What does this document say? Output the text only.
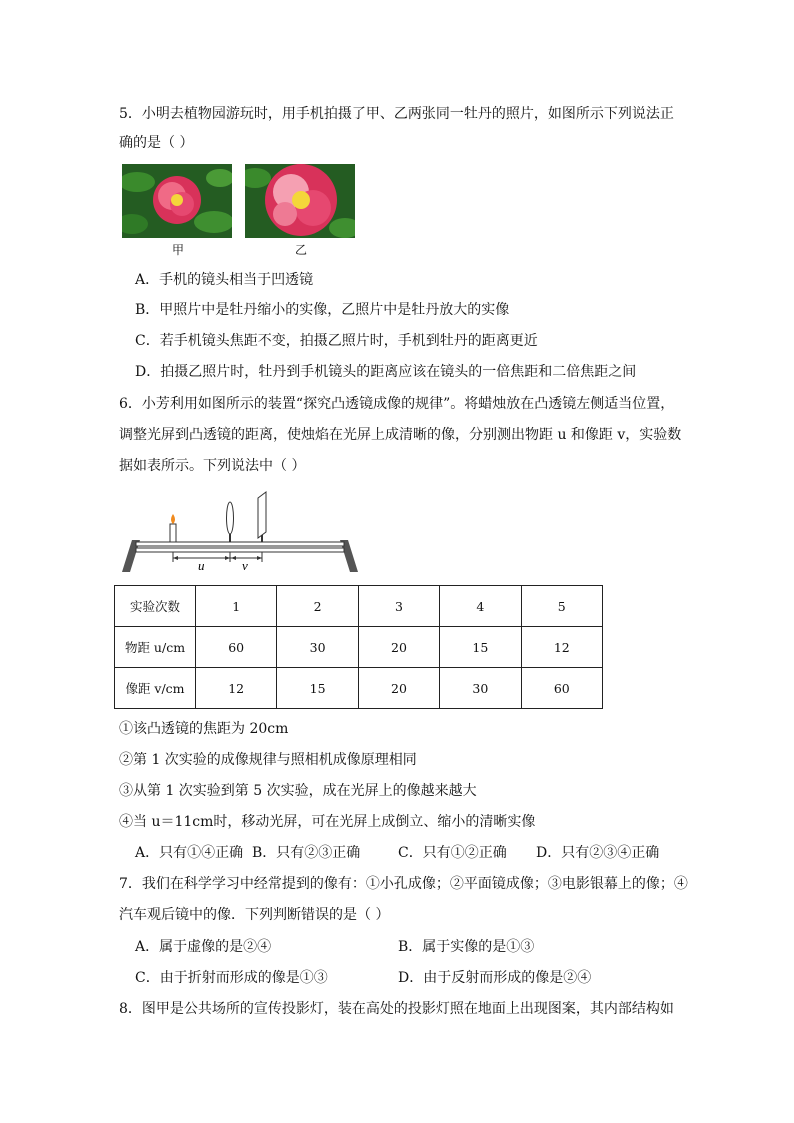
5．小明去植物园游玩时，用手机拍摄了甲、乙两张同一牡丹的照片，如图所示下列说法正
确的是（ ）
甲	乙
A．手机的镜头相当于凹透镜
B．甲照片中是牡丹缩小的实像，乙照片中是牡丹放大的实像
C．若手机镜头焦距不变，拍摄乙照片时，手机到牡丹的距离更近
D．拍摄乙照片时，牡丹到手机镜头的距离应该在镜头的一倍焦距和二倍焦距之间
6．小芳利用如图所示的装置“探究凸透镜成像的规律”。将蜡烛放在凸透镜左侧适当位置，
调整光屏到凸透镜的距离，使烛焰在光屏上成清晰的像，分别测出物距 u 和像距 v，实验数
据如表所示。下列说法中（ ）
u	v
实验次数	1	2	3	4	5
物距 u/cm	60	30	20	15	12
像距 v/cm	12	15	20	30	60
①该凸透镜的焦距为 20cm
②第 1 次实验的成像规律与照相机成像原理相同
③从第 1 次实验到第 5 次实验，成在光屏上的像越来越大
④当 u＝11cm时，移动光屏，可在光屏上成倒立、缩小的清晰实像
A．只有①④正确 B．只有②③正确	C．只有①②正确 D．只有②③④正确
7．我们在科学学习中经常提到的像有：①小孔成像；②平面镜成像；③电影银幕上的像；④
汽车观后镜中的像．下列判断错误的是（ ）
A．属于虚像的是②④	B．属于实像的是①③
C．由于折射而形成的像是①③	D．由于反射而形成的像是②④
8．图甲是公共场所的宣传投影灯，装在高处的投影灯照在地面上出现图案，其内部结构如
